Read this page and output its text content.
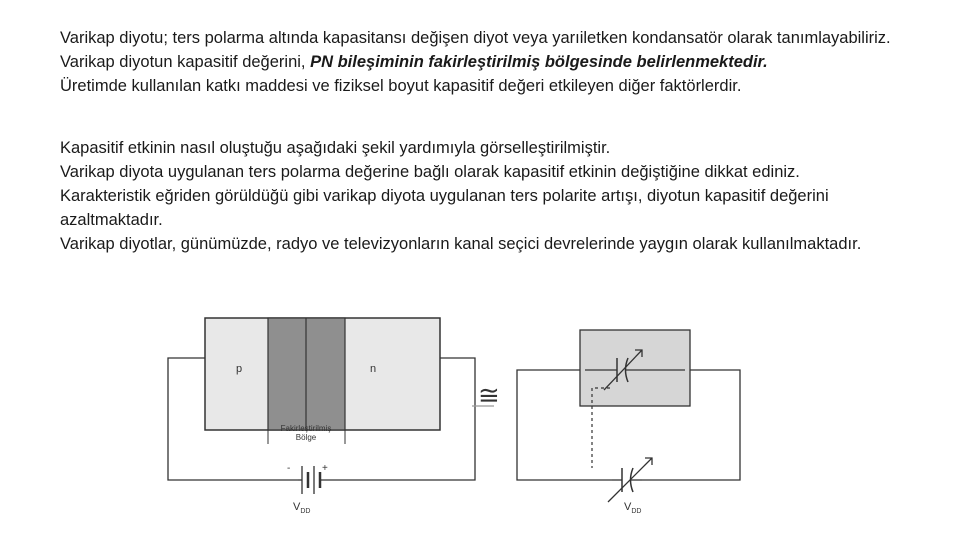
Varikap diyotu; ters polarma altında kapasitansı değişen diyot veya yarıiletken kondansatör olarak tanımlayabiliriz.

Varikap diyotun kapasitif değerini, PN bileşiminin fakirleştirilmiş bölgesinde belirlenmektedir.

Üretimde kullanılan katkı maddesi ve fiziksel boyut kapasitif değeri etkileyen diğer faktörlerdir.

Kapasitif etkinin nasıl oluştuğu aşağıdaki şekil yardımıyla görselleştirilmiştir.

Varikap diyota uygulanan ters polarma değerine bağlı olarak kapasitif etkinin değiştiğine dikkat ediniz.

Karakteristik eğriden görüldüğü gibi varikap diyota uygulanan ters polarite artışı, diyotun kapasitif değerini azaltmaktadır.

Varikap diyotlar, günümüzde, radyo ve televizyonların kanal seçici devrelerinde yaygın olarak kullanılmaktadır.

p	n
Fakirleştirilmiş
Bölge
-	+
$V_{DD}$
≅
$V_{DD}$
